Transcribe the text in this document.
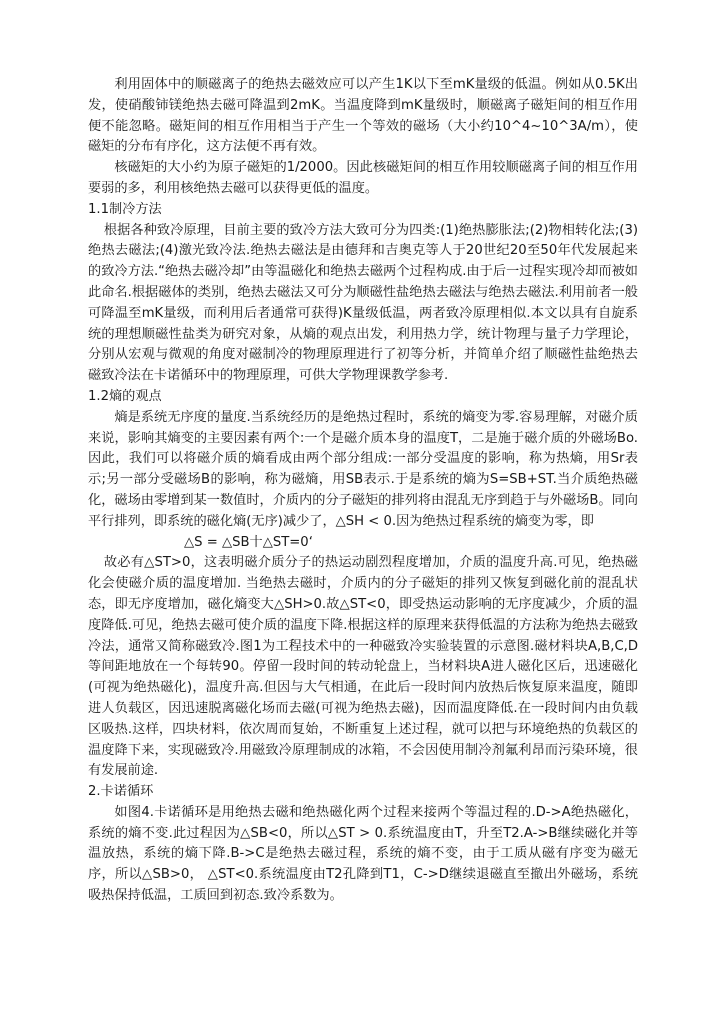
利用固体中的顺磁离子的绝热去磁效应可以产生1K以下至mK量级的低温。例如从0.5K出发，使硝酸铈镁绝热去磁可降温到2mK。当温度降到mK量级时，顺磁离子磁矩间的相互作用便不能忽略。磁矩间的相互作用相当于产生一个等效的磁场（大小约10^4~10^3A/m），使磁矩的分布有序化，这方法便不再有效。

核磁矩的大小约为原子磁矩的1/2000。因此核磁矩间的相互作用较顺磁离子间的相互作用要弱的多，利用核绝热去磁可以获得更低的温度。

1.1制冷方法

根据各种致冷原理，目前主要的致冷方法大致可分为四类:(1)绝热膨胀法;(2)物相转化法;(3)绝热去磁法;(4)激光致冷法.绝热去磁法是由德拜和吉奥克等人于20世纪20至50年代发展起来的致冷方法.“绝热去磁冷却”由等温磁化和绝热去磁两个过程构成.由于后一过程实现冷却而被如此命名.根据磁体的类别，绝热去磁法又可分为顺磁性盐绝热去磁法与绝热去磁法.利用前者一般可降温至mK量级，而利用后者通常可获得)K量级低温，两者致冷原理相似.本文以具有自旋系统的理想顺磁性盐类为研究对象，从熵的观点出发，利用热力学，统计物理与量子力学理论，分别从宏观与微观的角度对磁制冷的物理原理进行了初等分析，并简单介绍了顺磁性盐绝热去磁致冷法在卡诺循环中的物理原理，可供大学物理课教学参考.

1.2熵的观点

熵是系统无序度的量度.当系统经历的是绝热过程时，系统的熵变为零.容易理解，对磁介质来说，影响其熵变的主要因素有两个:一个是磁介质本身的温度T，二是施于磁介质的外磁场Bo.因此，我们可以将磁介质的熵看成由两个部分组成:一部分受温度的影响，称为热熵，用Sr表示;另一部分受磁场B的影响，称为磁熵，用SB表示.于是系统的熵为S=SB+ST.当介质绝热磁化，磁场由零增到某一数值时，介质内的分子磁矩的排列将由混乱无序到趋于与外磁场B。同向平行排列，即系统的磁化熵(无序)减少了，△SH < 0.因为绝热过程系统的熵变为零，即

△S = △SB十△ST=0‘

故必有△ST>0，这表明磁介质分子的热运动剧烈程度增加，介质的温度升高.可见，绝热磁化会使磁介质的温度增加. 当绝热去磁时，介质内的分子磁矩的排列又恢复到磁化前的混乱状态，即无序度增加，磁化熵变大△SH>0.故△ST<0，即受热运动影响的无序度减少，介质的温度降低.可见，绝热去磁可使介质的温度下降.根据这样的原理来获得低温的方法称为绝热去磁致冷法，通常又简称磁致冷.图1为工程技术中的一种磁致冷实验装置的示意图.磁材料块A,B,C,D等间距地放在一个每转90。停留一段时间的转动轮盘上，当材料块A进人磁化区后，迅速磁化(可视为绝热磁化)，温度升高.但因与大气相通，在此后一段时间内放热后恢复原来温度，随即进人负载区，因迅速脱离磁化场而去磁(可视为绝热去磁)，因而温度降低.在一段时间内由负载区吸热.这样，四块材料，依次周而复始，不断重复上述过程，就可以把与环境绝热的负载区的温度降下来，实现磁致冷.用磁致冷原理制成的冰箱，不会因使用制冷剂氟利昂而污染环境，很有发展前途.

2.卡诺循环

如图4.卡诺循环是用绝热去磁和绝热磁化两个过程来接两个等温过程的.D->A绝热磁化，系统的熵不变.此过程因为△SB<0，所以△ST > 0.系统温度由T，升至T2.A->B继续磁化并等温放热，系统的熵下降.B->C是绝热去磁过程，系统的熵不变，由于工质从磁有序变为磁无序，所以△SB>0， △ST<0.系统温度由T2孔降到T1，C->D继续退磁直至撤出外磁场，系统吸热保持低温，工质回到初态.致冷系数为。
